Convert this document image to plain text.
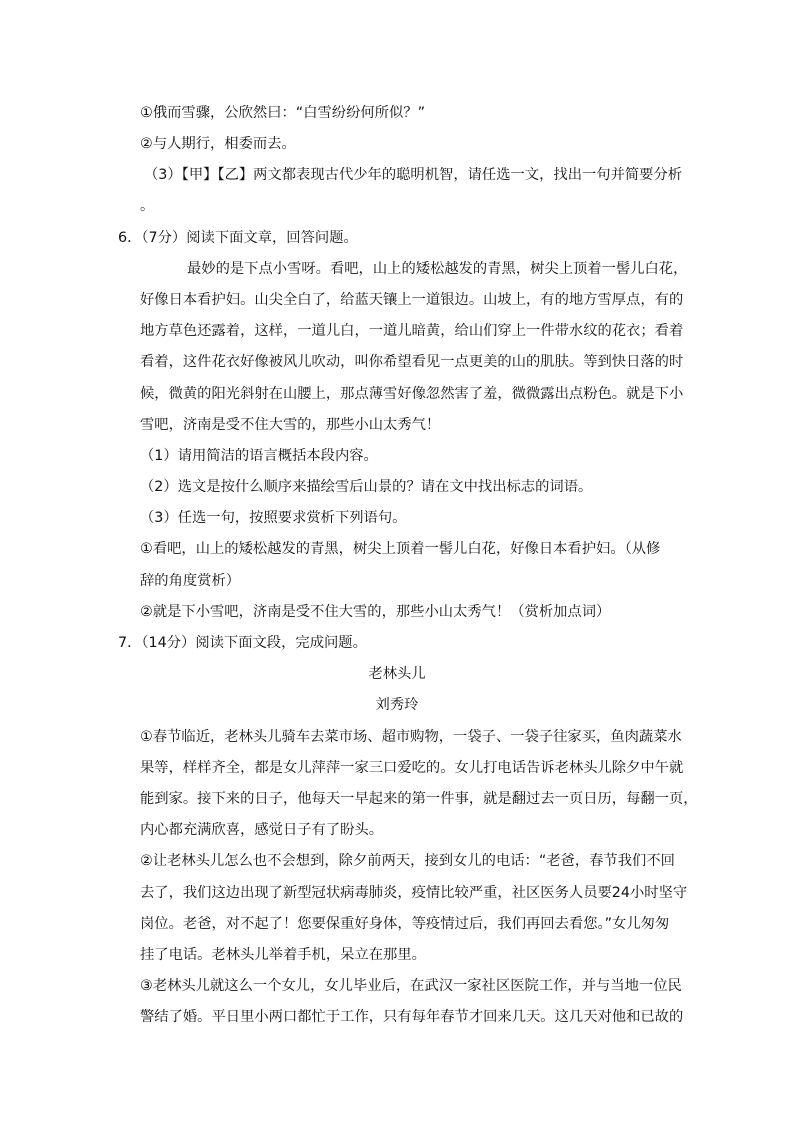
①俄而雪骤，公欣然曰：“白雪纷纷何所似？”
②与人期行，相委而去。
（3）【甲】【乙】两文都表现古代少年的聪明机智，请任选一文，找出一句并简要分析
。
6．（7分）阅读下面文章，回答问题。
最妙的是下点小雪呀。看吧，山上的矮松越发的青黑，树尖上顶着一髻儿白花，
好像日本看护妇。山尖全白了，给蓝天镶上一道银边。山坡上，有的地方雪厚点，有的
地方草色还露着，这样，一道儿白，一道儿暗黄，给山们穿上一件带水纹的花衣；看着
看着，这件花衣好像被风儿吹动，叫你希望看见一点更美的山的肌肤。等到快日落的时
候，微黄的阳光斜射在山腰上，那点薄雪好像忽然害了羞，微微露出点粉色。就是下小
雪吧，济南是受不住大雪的，那些小山太秀气！
（1）请用简洁的语言概括本段内容。
（2）选文是按什么顺序来描绘雪后山景的？请在文中找出标志的词语。
（3）任选一句，按照要求赏析下列语句。
①看吧，山上的矮松越发的青黑，树尖上顶着一髻儿白花，好像日本看护妇。（从修
辞的角度赏析）
②就是下小雪吧，济南是受不住大雪的，那些小山太秀气！（赏析加点词）
7．（14分）阅读下面文段，完成问题。
老林头儿
刘秀玲
①春节临近，老林头儿骑车去菜市场、超市购物，一袋子、一袋子往家买，鱼肉蔬菜水
果等，样样齐全，都是女儿萍萍一家三口爱吃的。女儿打电话告诉老林头儿除夕中午就
能到家。接下来的日子，他每天一早起来的第一件事，就是翻过去一页日历，每翻一页，
内心都充满欣喜，感觉日子有了盼头。
②让老林头儿怎么也不会想到，除夕前两天，接到女儿的电话：“老爸，春节我们不回
去了，我们这边出现了新型冠状病毒肺炎，疫情比较严重，社区医务人员要24小时坚守
岗位。老爸，对不起了！您要保重好身体，等疫情过后，我们再回去看您。”女儿匆匆
挂了电话。老林头儿举着手机，呆立在那里。
③老林头儿就这么一个女儿，女儿毕业后，在武汉一家社区医院工作，并与当地一位民
警结了婚。平日里小两口都忙于工作，只有每年春节才回来几天。这几天对他和已故的
